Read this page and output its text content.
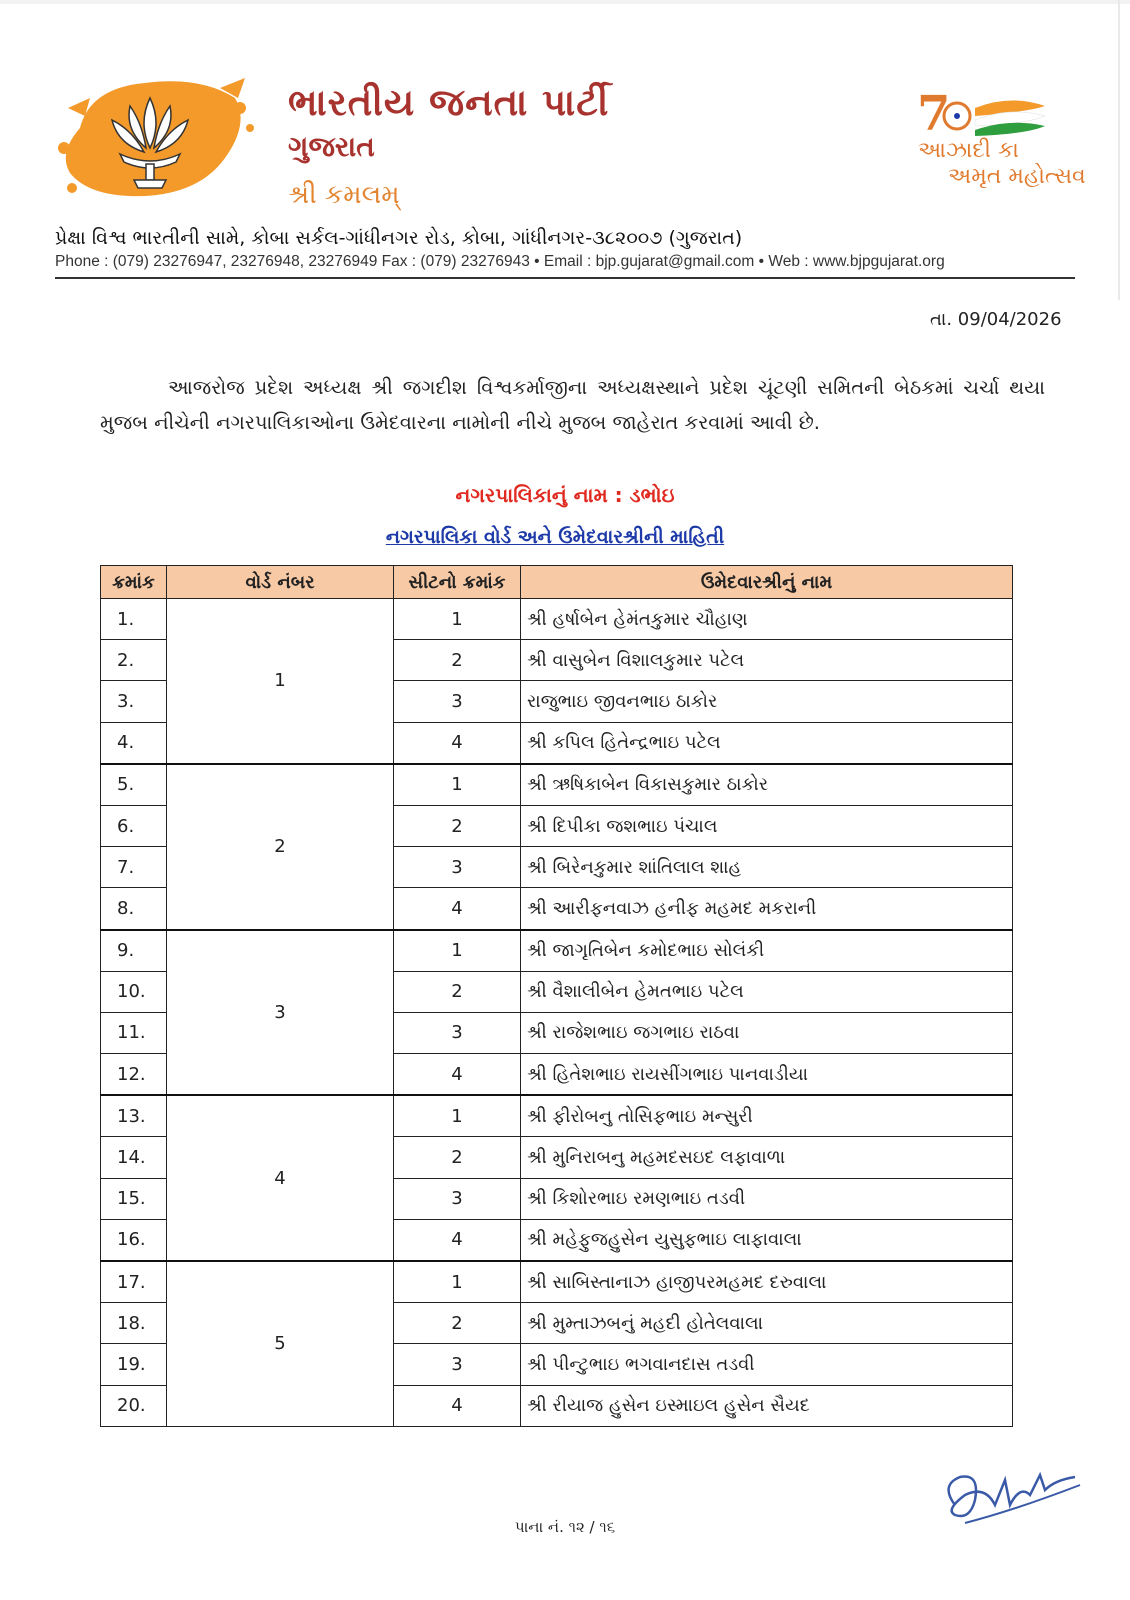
ભારતીય જનતા પાર્ટી
ગુજરાત
શ્રી કમલમ્
7
આઝાદી કા
અમૃત મહોત્સવ
પ્રેક્ષા વિશ્વ ભારતીની સામે, કોબા સર્કલ-ગાંધીનગર રોડ, કોબા, ગાંધીનગર-૩૮૨૦૦૭ (ગુજરાત)
Phone : (079) 23276947, 23276948, 23276949 Fax : (079) 23276943 • Email : bjp.gujarat@gmail.com • Web : www.bjpgujarat.org
તા. 09/04/2026
આજરોજ પ્રદેશ અધ્યક્ષ શ્રી જગદીશ વિશ્વકર્માજીના અધ્યક્ષસ્થાને પ્રદેશ ચૂંટણી સમિતની બેઠકમાં ચર્ચા થયા મુજબ નીચેની નગરપાલિકાઓના ઉમેદવારના નામોની નીચે મુજબ જાહેરાત કરવામાં આવી છે.
નગરપાલિકાનું નામ : ડભોઇ
નગરપાલિકા વોર્ડ અને ઉમેદવારશ્રીની માહિતી
ક્રમાંક	વોર્ડ નંબર	સીટનો ક્રમાંક	ઉમેદવારશ્રીનું નામ
1.	1	1	શ્રી હર્ષાબેન હેમંતકુમાર ચૌહાણ
2.		2	શ્રી વાસુબેન વિશાલકુમાર પટેલ
3.		3	રાજુભાઇ જીવનભાઇ ઠાકોર
4.		4	શ્રી કપિલ હિતેન્દ્રભાઇ પટેલ
5.	2	1	શ્રી ઋષિકાબેન વિકાસકુમાર ઠાકોર
6.		2	શ્રી દિપીકા જશભાઇ પંચાલ
7.		3	શ્રી બિરેનકુમાર શાંતિલાલ શાહ
8.		4	શ્રી આરીફનવાઝ હનીફ મહમદ મકરાની
9.	3	1	શ્રી જાગૃતિબેન કમોદભાઇ સોલંકી
10.		2	શ્રી વૈશાલીબેન હેમતભાઇ પટેલ
11.		3	શ્રી રાજેશભાઇ જગભાઇ રાઠવા
12.		4	શ્રી હિતેશભાઇ રાયસીંગભાઇ પાનવાડીયા
13.	4	1	શ્રી ફીરોબનુ તોસિફભાઇ મન્સુરી
14.		2	શ્રી મુનિરાબનુ મહમદસઇદ લફાવાળા
15.		3	શ્રી કિશોરભાઇ રમણભાઇ તડવી
16.		4	શ્રી મહેફુજહુસેન યુસુફભાઇ લાફાવાલા
17.	5	1	શ્રી સાબિસ્તાનાઝ હાજીપરમહમદ દરુવાલા
18.		2	શ્રી મુમ્તાઝબનું મહદી હોતેલવાલા
19.		3	શ્રી પીન્ટુભાઇ ભગવાનદાસ તડવી
20.		4	શ્રી રીયાજ હુસેન ઇસ્માઇલ હુસેન સૈયદ
પાના નં. ૧૨ / ૧૬
